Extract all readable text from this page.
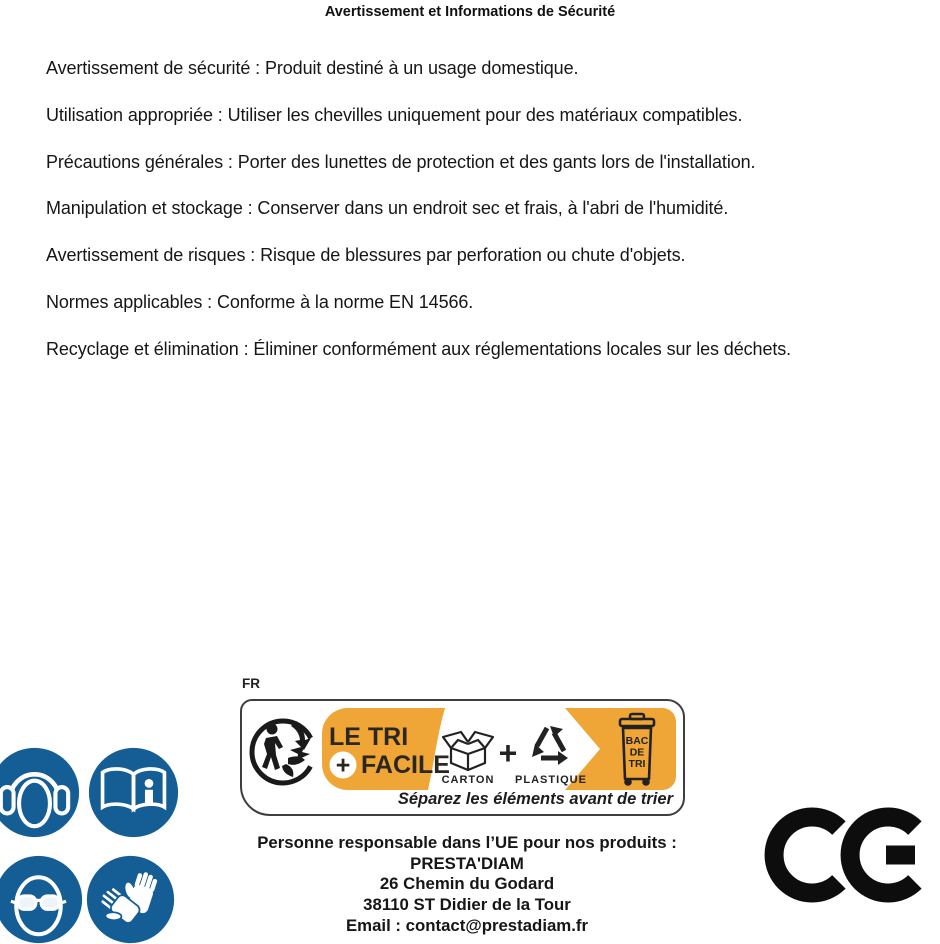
Avertissement et Informations de Sécurité

Avertissement de sécurité : Produit destiné à un usage domestique.

Utilisation appropriée : Utiliser les chevilles uniquement pour des matériaux compatibles.

Précautions générales : Porter des lunettes de protection et des gants lors de l'installation.

Manipulation et stockage : Conserver dans un endroit sec et frais, à l'abri de l'humidité.

Avertissement de risques : Risque de blessures par perforation ou chute d'objets.

Normes applicables : Conforme à la norme EN 14566.

Recyclage et élimination : Éliminer conformément aux réglementations locales sur les déchets.

FR
LE TRI
+ FACILE
CARTON
+
PLASTIQUE
BAC
DE
TRI
Séparez les éléments avant de trier
Personne responsable dans l’UE pour nos produits :
PRESTA'DIAM
26 Chemin du Godard
38110 ST Didier de la Tour
Email : contact@prestadiam.fr
